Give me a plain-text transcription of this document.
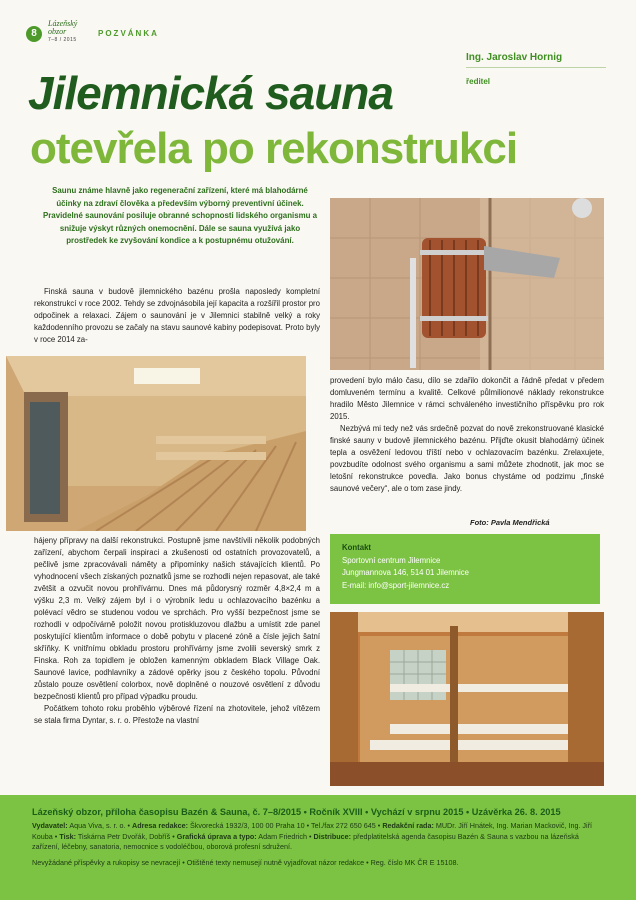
8
Lázeňský obzor
7–8 / 2015
POZVÁNKA
Ing. Jaroslav Hornig
ředitel
Jilemnická sauna
otevřela po rekonstrukci
Saunu známe hlavně jako regenerační zařízení, které má blahodárné účinky na zdraví člověka a především výborný preventivní účinek. Pravidelné saunování posiluje obranné schopnosti lidského organismu a snižuje výskyt různých onemocnění. Dále se sauna využívá jako prostředek ke zvyšování kondice a k postupnému otužování.

Finská sauna v budově jilemnického bazénu prošla naposledy kompletní rekonstrukcí v roce 2002. Tehdy se zdvojnásobila její kapacita a rozšířil prostor pro odpočinek a relaxaci. Zájem o saunování je v Jilemnici stabilně velký a roky každodenního provozu se začaly na stavu saunové kabiny podepisovat. Proto byly v roce 2014 za-

hájeny přípravy na další rekonstrukci. Postupně jsme navštívili několik podobných zařízení, abychom čerpali inspiraci a zkušenosti od ostatních provozovatelů, a pečlivě jsme zpracovávali náměty a připomínky našich stávajících klientů. Po vyhodnocení všech získaných poznatků jsme se rozhodli nejen repasovat, ale také zvětšit a ozvučit novou prohřívárnu. Dnes má půdorysný rozměr 4,8×2,4 m a výšku 2,3 m. Velký zájem byl i o výrobník ledu u ochlazovacího bazénku a polévací vědro se studenou vodou ve sprchách. Pro vyšší bezpečnost jsme se rozhodli v odpočívárně položit novou protiskluzovou dlažbu a umístit zde panel poskytující klientům informace o době pobytu v placené zóně a čísle jejich šatní skříňky. K vnitřnímu obkladu prostoru prohřívárny jsme zvolili severský smrk z Finska. Roh za topidlem je obložen kamenným obkladem Black Village Oak. Saunové lavice, podhlavníky a zádové opěrky jsou z českého topolu. Původní zůstalo pouze osvětlení colorbox, nově doplněné o nouzové osvětlení z důvodu bezpečnosti klientů pro případ výpadku proudu.

Počátkem tohoto roku proběhlo výběrové řízení na zhotovitele, jehož vítězem se stala firma Dyntar, s. r. o. Přestože na vlastní

provedení bylo málo času, dílo se zdařilo dokončit a řádně předat v předem domluveném termínu a kvalitě. Celkové půlmilionové náklady rekonstrukce hradilo Město Jilemnice v rámci schváleného investičního příspěvku pro rok 2015.

Nezbývá mi tedy než vás srdečně pozvat do nově zrekonstruované klasické finské sauny v budově jilemnického bazénu. Přijďte okusit blahodárný účinek tepla a osvěžení ledovou tříští nebo v ochlazovacím bazénku. Zrelaxujete, povzbudíte odolnost svého organismu a sami můžete zhodnotit, jak moc se letošní rekonstrukce povedla. Jako bonus chystáme od podzimu „finské saunové večery“, ale o tom zase jindy.

Foto: Pavla Mendřická
Kontakt
Sportovní centrum Jilemnice
Jungmannova 146, 514 01 Jilemnice
E-mail: info@sport-jilemnice.cz
Lázeňský obzor, příloha časopisu Bazén & Sauna, č. 7–8/2015 • Ročník XVIII • Vychází v srpnu 2015 • Uzávěrka 26. 8. 2015
Vydavatel: Aqua Viva, s. r. o. • Adresa redakce: Škvorecká 1932/3, 100 00 Praha 10 • Tel./fax 272 650 645 • Redakční rada: MUDr. Jiří Hnátek, Ing. Marian Mackovič, Ing. Jiří Kouba • Tisk: Tiskárna Petr Dvořák, Dobříš • Grafická úprava a typo: Adam Friedrich • Distribuce: předplatitelská agenda časopisu Bazén & Sauna s vazbou na lázeňská zařízení, léčebny, sanatoria, nemocnice s vodoléčbou, oborová profesní sdružení.
Nevyžádané příspěvky a rukopisy se nevracejí • Otištěné texty nemusejí nutně vyjadřovat názor redakce • Reg. číslo MK ČR E 15108.
